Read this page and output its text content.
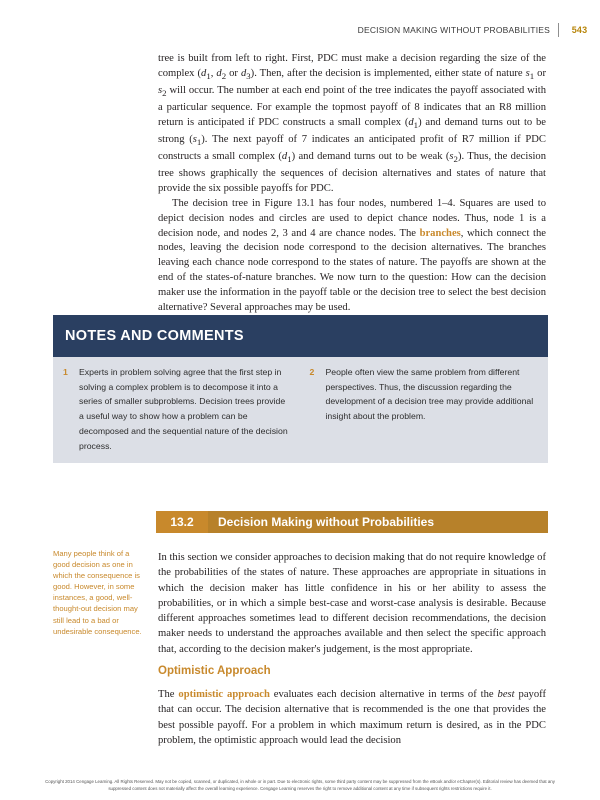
DECISION MAKING WITHOUT PROBABILITIES	543

tree is built from left to right. First, PDC must make a decision regarding the size of the complex ($d_1$, $d_2$ or $d_3$). Then, after the decision is implemented, either state of nature $s_1$ or $s_2$ will occur. The number at each end point of the tree indicates the payoff associated with a particular sequence. For example the topmost payoff of 8 indicates that an R8 million return is anticipated if PDC constructs a small complex $(d_1)$ and demand turns out to be strong $(s_1)$. The next payoff of 7 indicates an anticipated profit of R7 million if PDC constructs a small complex $(d_1)$ and demand turns out to be weak $(s_2)$. Thus, the decision tree shows graphically the sequences of decision alternatives and states of nature that provide the six possible payoffs for PDC.

The decision tree in Figure 13.1 has four nodes, numbered 1–4. Squares are used to depict decision nodes and circles are used to depict chance nodes. Thus, node 1 is a decision node, and nodes 2, 3 and 4 are chance nodes. The branches, which connect the nodes, leaving the decision node correspond to the decision alternatives. The branches leaving each chance node correspond to the states of nature. The payoffs are shown at the end of the states-of-nature branches. We now turn to the question: How can the decision maker use the information in the payoff table or the decision tree to select the best decision alternative? Several approaches may be used.

NOTES AND COMMENTS
1	Experts in problem solving agree that the first step in solving a complex problem is to decompose it into a series of smaller subproblems. Decision trees provide a useful way to show how a problem can be decomposed and the sequential nature of the decision process.
2	People often view the same problem from different perspectives. Thus, the discussion regarding the development of a decision tree may provide additional insight about the problem.
13.2	Decision Making without Probabilities
Many people think of a good decision as one in which the consequence is good. However, in some instances, a good, well-thought-out decision may still lead to a bad or undesirable consequence.

In this section we consider approaches to decision making that do not require knowledge of the probabilities of the states of nature. These approaches are appropriate in situations in which the decision maker has little confidence in his or her ability to assess the probabilities, or in which a simple best-case and worst-case analysis is desirable. Because different approaches sometimes lead to different decision recommendations, the decision maker needs to understand the approaches available and then select the specific approach that, according to the decision maker's judgement, is the most appropriate.

Optimistic Approach

The optimistic approach evaluates each decision alternative in terms of the best payoff that can occur. The decision alternative that is recommended is the one that provides the best possible payoff. For a problem in which maximum return is desired, as in the PDC problem, the optimistic approach would lead the decision

Copyright 2014 Cengage Learning. All Rights Reserved. May not be copied, scanned, or duplicated, in whole or in part. Due to electronic rights, some third party content may be suppressed from the eBook and/or eChapter(s). Editorial review has deemed that any suppressed content does not materially affect the overall learning experience. Cengage Learning reserves the right to remove additional content at any time if subsequent rights restrictions require it.
